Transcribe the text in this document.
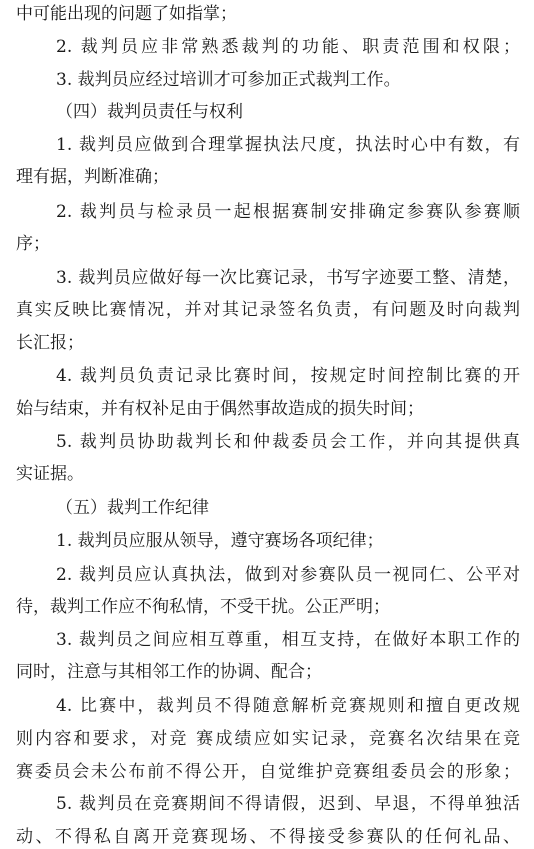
中可能出现的问题了如指掌；
2. 裁判员应非常熟悉裁判的功能、职责范围和权限；
3. 裁判员应经过培训才可参加正式裁判工作。
（四）裁判员责任与权利
1. 裁判员应做到合理掌握执法尺度，执法时心中有数，有
理有据，判断准确；
2. 裁判员与检录员一起根据赛制安排确定参赛队参赛顺
序；
3. 裁判员应做好每一次比赛记录，书写字迹要工整、清楚，
真实反映比赛情况，并对其记录签名负责，有问题及时向裁判
长汇报；
4. 裁判员负责记录比赛时间，按规定时间控制比赛的开
始与结束，并有权补足由于偶然事故造成的损失时间；
5. 裁判员协助裁判长和仲裁委员会工作，并向其提供真
实证据。
（五）裁判工作纪律
1. 裁判员应服从领导，遵守赛场各项纪律；
2. 裁判员应认真执法，做到对参赛队员一视同仁、公平对
待，裁判工作应不徇私情，不受干扰。公正严明；
3. 裁判员之间应相互尊重，相互支持，在做好本职工作的
同时，注意与其相邻工作的协调、配合；
4. 比赛中，裁判员不得随意解析竞赛规则和擅自更改规
则内容和要求，对竞 赛成绩应如实记录，竞赛名次结果在竞
赛委员会未公布前不得公开，自觉维护竞赛组委员会的形象；
5. 裁判员在竞赛期间不得请假，迟到、早退，不得单独活
动、不得私自离开竞赛现场、不得接受参赛队的任何礼品、
